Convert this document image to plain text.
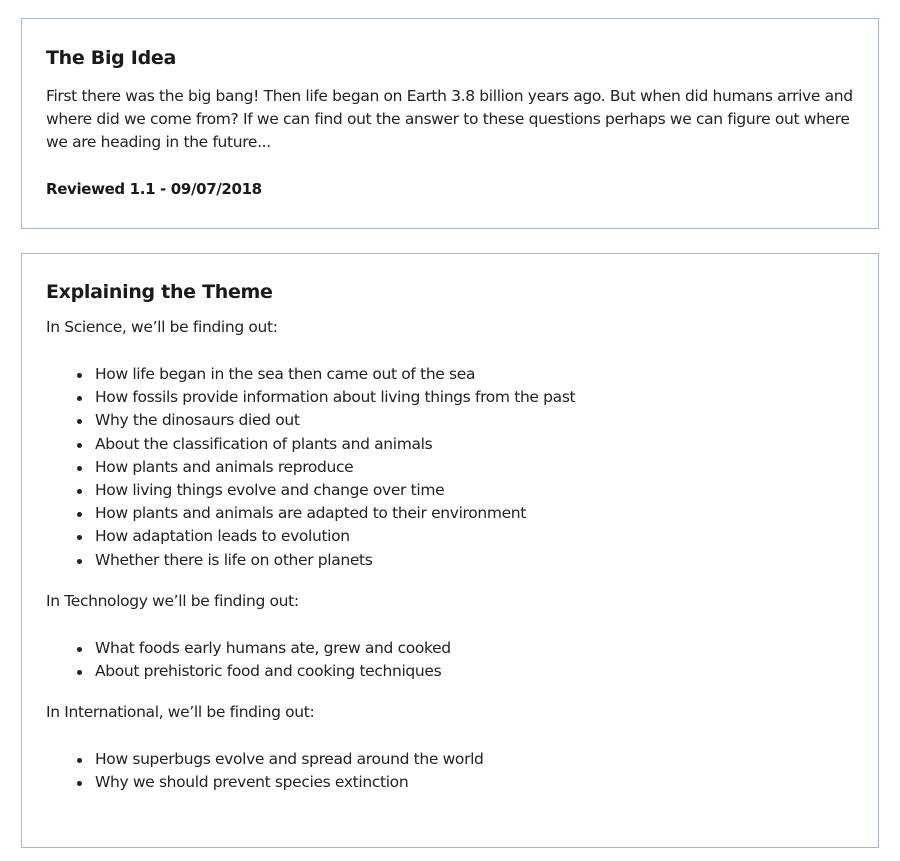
The Big Idea

First there was the big bang! Then life began on Earth 3.8 billion years ago. But when did humans arrive and where did we come from? If we can find out the answer to these questions perhaps we can figure out where we are heading in the future...

Reviewed 1.1 - 09/07/2018

Explaining the Theme

In Science, we’ll be finding out:

How life began in the sea then came out of the sea
How fossils provide information about living things from the past
Why the dinosaurs died out
About the classification of plants and animals
How plants and animals reproduce
How living things evolve and change over time
How plants and animals are adapted to their environment
How adaptation leads to evolution
Whether there is life on other planets

In Technology we’ll be finding out:

What foods early humans ate, grew and cooked
About prehistoric food and cooking techniques

In International, we’ll be finding out:

How superbugs evolve and spread around the world
Why we should prevent species extinction
